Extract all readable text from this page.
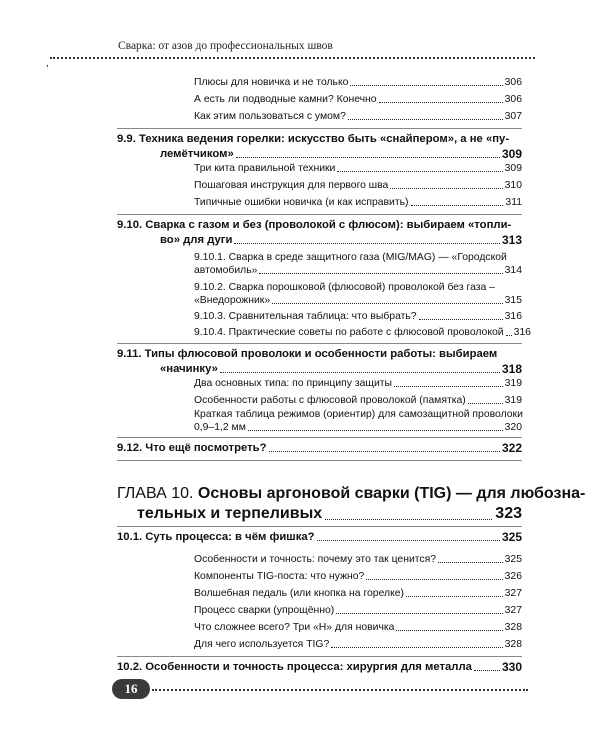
Сварка: от азов до профессиональных швов
,
Плюсы для новичка и не только	306
А есть ли подводные камни? Конечно	306
Как этим пользоваться с умом?	307
9.9. Техника ведения горелки: искусство быть «снайпером», а не «пу-
лемётчиком»	309
Три кита правильной техники	309
Пошаговая инструкция для первого шва	310
Типичные ошибки новичка (и как исправить)	311
9.10. Сварка с газом и без (проволокой с флюсом): выбираем «топли-
во» для дуги	313
9.10.1. Сварка в среде защитного газа (MIG/MAG) — «Городской
автомобиль»	314
9.10.2. Сварка порошковой (флюсовой) проволокой без газа –
«Внедорожник»	315
9.10.3. Сравнительная таблица: что выбрать?	316
9.10.4. Практические советы по работе с флюсовой проволокой 316
9.11. Типы флюсовой проволоки и особенности работы: выбираем
«начинку»	318
Два основных типа: по принципу защиты	319
Особенности работы с флюсовой проволокой (памятка)	319
Краткая таблица режимов (ориентир) для самозащитной проволоки
0,9–1,2 мм	320
9.12. Что ещё посмотреть?	322
ГЛАВА 10. Основы аргоновой сварки (TIG) — для любозна-
тельных и терпеливых	323
10.1. Суть процесса: в чём фишка?	325
Особенности и точность: почему это так ценится?	325
Компоненты TIG-поста: что нужно?	326
Волшебная педаль (или кнопка на горелке)	327
Процесс сварки (упрощённо)	327
Что сложнее всего? Три «Н» для новичка	328
Для чего используется TIG?	328
10.2. Особенности и точность процесса: хирургия для металла	330
16
